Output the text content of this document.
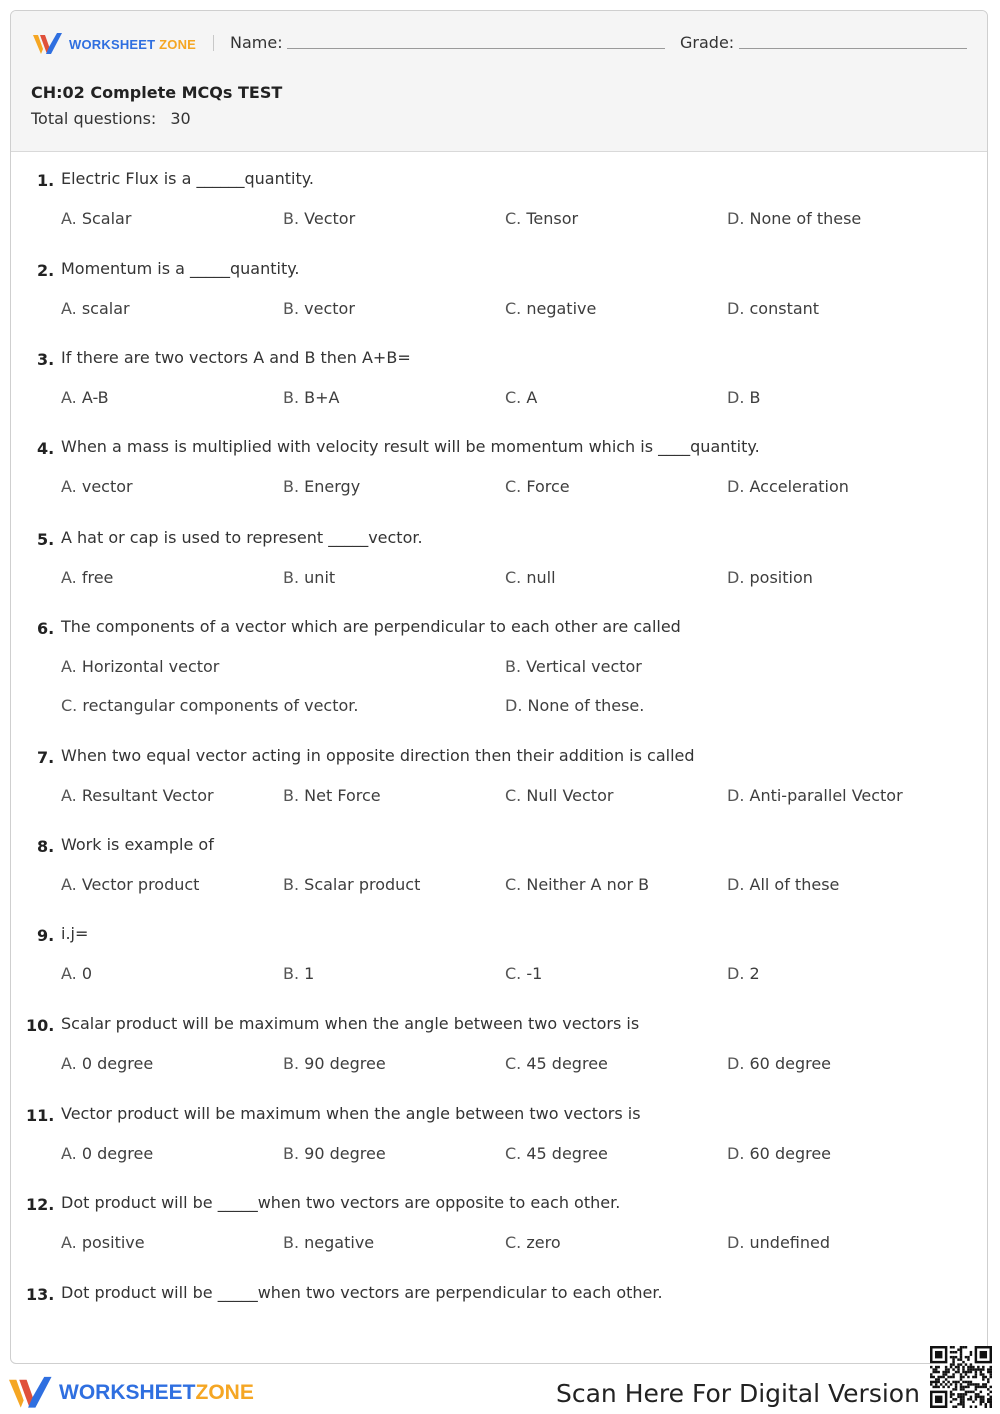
WORKSHEET ZONE Name:	Grade:
CH:02 Complete MCQs TEST
Total questions: 30
1. Electric Flux is a ______quantity.
A. Scalar	B. Vector	C. Tensor	D. None of these
2. Momentum is a _____quantity.
A. scalar	B. vector	C. negative	D. constant
3. If there are two vectors A and B then A+B=
A. A-B	B. B+A	C. A	D. B
4. When a mass is multiplied with velocity result will be momentum which is ____quantity.
A. vector	B. Energy	C. Force	D. Acceleration
5. A hat or cap is used to represent _____vector.
A. free	B. unit	C. null	D. position
6. The components of a vector which are perpendicular to each other are called
A. Horizontal vector	B. Vertical vector
C. rectangular components of vector.	D. None of these.
7. When two equal vector acting in opposite direction then their addition is called
A. Resultant Vector	B. Net Force	C. Null Vector	D. Anti-parallel Vector
8. Work is example of
A. Vector product	B. Scalar product	C. Neither A nor B	D. All of these
9. i.j=
A. 0	B. 1	C. -1	D. 2
10. Scalar product will be maximum when the angle between two vectors is
A. 0 degree	B. 90 degree	C. 45 degree	D. 60 degree
11. Vector product will be maximum when the angle between two vectors is
A. 0 degree	B. 90 degree	C. 45 degree	D. 60 degree
12. Dot product will be _____when two vectors are opposite to each other.
A. positive	B. negative	C. zero	D. undefined
13. Dot product will be _____when two vectors are perpendicular to each other.
WORKSHEETZONE	Scan Here For Digital Version
